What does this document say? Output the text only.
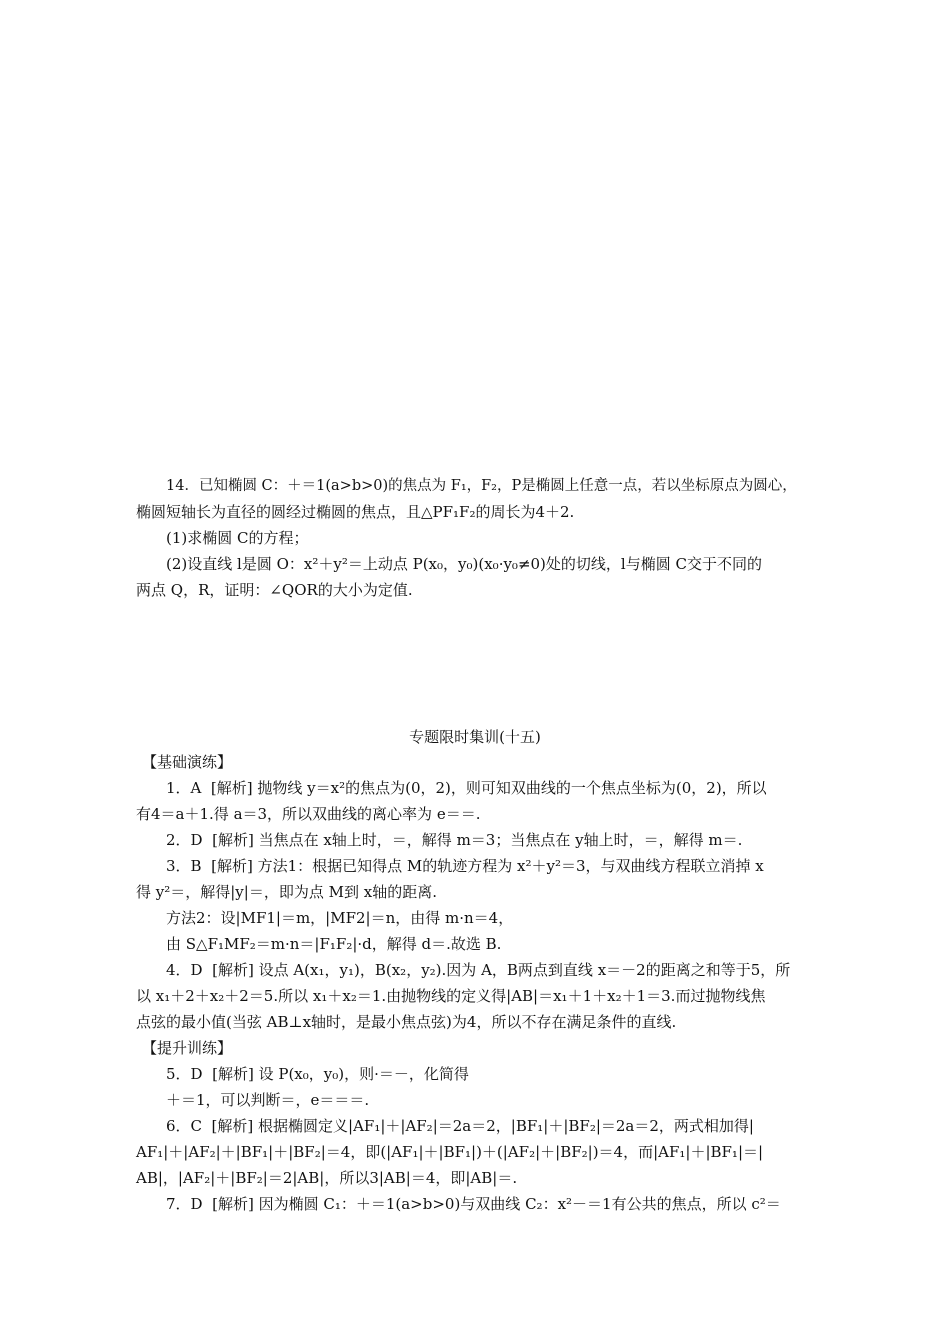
14．已知椭圆 C：＋＝1(a>b>0)的焦点为 F₁，F₂，P是椭圆上任意一点，若以坐标原点为圆心，
椭圆短轴长为直径的圆经过椭圆的焦点，且△PF₁F₂的周长为4＋2.
(1)求椭圆 C的方程；
(2)设直线 l是圆 O：x²＋y²＝上动点 P(x₀，y₀)(x₀·y₀≠0)处的切线，l与椭圆 C交于不同的
两点 Q，R，证明：∠QOR的大小为定值.
专题限时集训(十五)
【基础演练】
1．A  [解析] 抛物线 y＝x²的焦点为(0，2)，则可知双曲线的一个焦点坐标为(0，2)，所以
有4＝a＋1.得 a＝3，所以双曲线的离心率为 e＝＝.
2．D  [解析] 当焦点在 x轴上时，＝，解得 m＝3；当焦点在 y轴上时，＝，解得 m＝.
3．B  [解析] 方法1：根据已知得点 M的轨迹方程为 x²＋y²＝3，与双曲线方程联立消掉 x
得 y²＝，解得|y|＝，即为点 M到 x轴的距离.
方法2：设|MF1|＝m，|MF2|＝n，由得 m·n＝4，
由 S△F₁MF₂＝m·n＝|F₁F₂|·d，解得 d＝.故选 B.
4．D  [解析] 设点 A(x₁，y₁)，B(x₂，y₂).因为 A，B两点到直线 x＝－2的距离之和等于5，所
以 x₁＋2＋x₂＋2＝5.所以 x₁＋x₂＝1.由抛物线的定义得|AB|＝x₁＋1＋x₂＋1＝3.而过抛物线焦
点弦的最小值(当弦 AB⊥x轴时，是最小焦点弦)为4，所以不存在满足条件的直线.
【提升训练】
5．D  [解析] 设 P(x₀，y₀)，则·＝－，化简得
＋＝1，可以判断＝，e＝＝＝.
6．C  [解析] 根据椭圆定义|AF₁|＋|AF₂|＝2a＝2，|BF₁|＋|BF₂|＝2a＝2，两式相加得|
AF₁|＋|AF₂|＋|BF₁|＋|BF₂|＝4，即(|AF₁|＋|BF₁|)＋(|AF₂|＋|BF₂|)＝4，而|AF₁|＋|BF₁|＝|
AB|，|AF₂|＋|BF₂|＝2|AB|，所以3|AB|＝4，即|AB|＝.
7．D  [解析] 因为椭圆 C₁：＋＝1(a>b>0)与双曲线 C₂：x²－＝1有公共的焦点，所以 c²＝
